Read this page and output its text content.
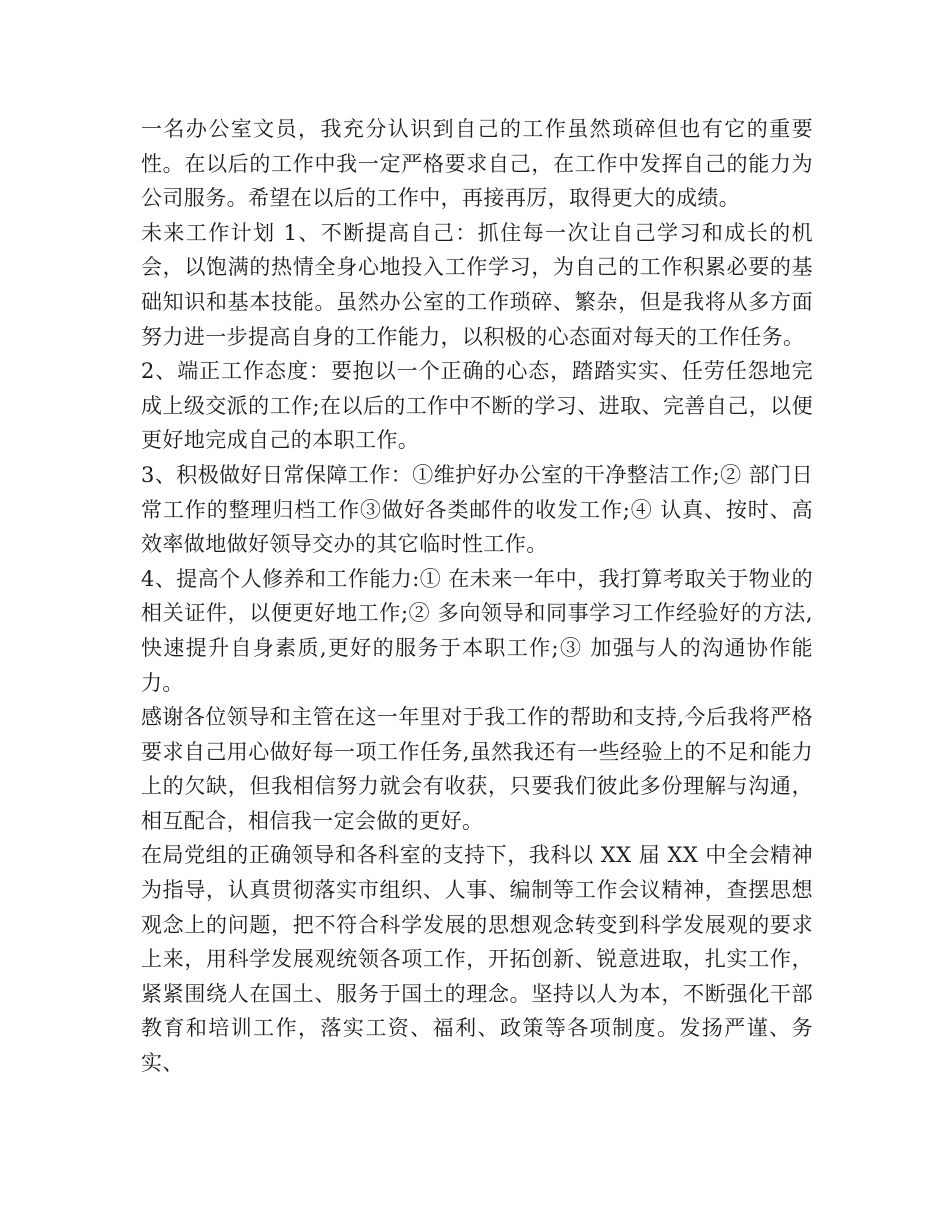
一名办公室文员，我充分认识到自己的工作虽然琐碎但也有它的重要性。在以后的工作中我一定严格要求自己，在工作中发挥自己的能力为公司服务。希望在以后的工作中，再接再厉，取得更大的成绩。

未来工作计划 1、不断提高自己：抓住每一次让自己学习和成长的机会，以饱满的热情全身心地投入工作学习，为自己的工作积累必要的基础知识和基本技能。虽然办公室的工作琐碎、繁杂，但是我将从多方面努力进一步提高自身的工作能力，以积极的心态面对每天的工作任务。

2、端正工作态度：要抱以一个正确的心态，踏踏实实、任劳任怨地完成上级交派的工作;在以后的工作中不断的学习、进取、完善自己，以便更好地完成自己的本职工作。

3、积极做好日常保障工作：①维护好办公室的干净整洁工作;② 部门日常工作的整理归档工作③做好各类邮件的收发工作;④ 认真、按时、高效率做地做好领导交办的其它临时性工作。

4、提高个人修养和工作能力:① 在未来一年中，我打算考取关于物业的相关证件，以便更好地工作;② 多向领导和同事学习工作经验好的方法,快速提升自身素质,更好的服务于本职工作;③ 加强与人的沟通协作能力。

感谢各位领导和主管在这一年里对于我工作的帮助和支持,今后我将严格要求自己用心做好每一项工作任务,虽然我还有一些经验上的不足和能力上的欠缺，但我相信努力就会有收获，只要我们彼此多份理解与沟通，相互配合，相信我一定会做的更好。

在局党组的正确领导和各科室的支持下，我科以 XX 届 XX 中全会精神为指导，认真贯彻落实市组织、人事、编制等工作会议精神，查摆思想观念上的问题，把不符合科学发展的思想观念转变到科学发展观的要求上来，用科学发展观统领各项工作，开拓创新、锐意进取，扎实工作，紧紧围绕人在国土、服务于国土的理念。坚持以人为本，不断强化干部教育和培训工作，落实工资、福利、政策等各项制度。发扬严谨、务实、
